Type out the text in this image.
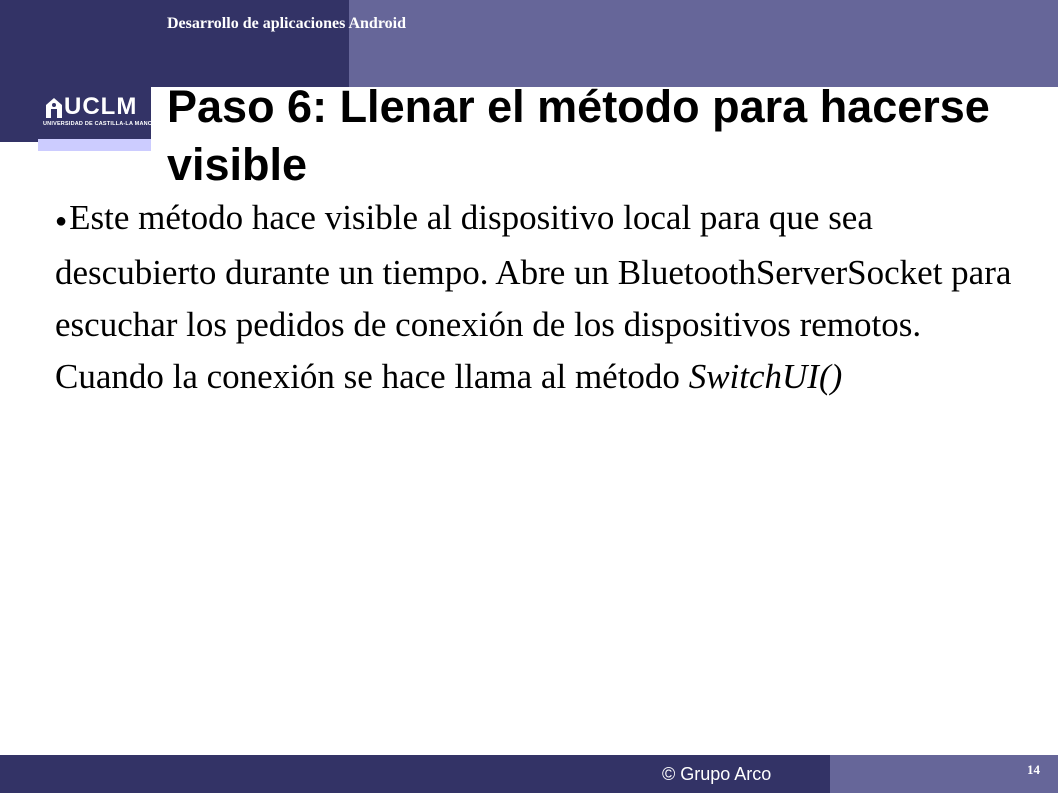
Desarrollo de aplicaciones Android
UCLM
UNIVERSIDAD DE CASTILLA-LA MANCHA Paso 6: Llenar el método para hacerse visible

●Este método hace visible al dispositivo local para que sea descubierto durante un tiempo. Abre un BluetoothServerSocket para escuchar los pedidos de conexión de los dispositivos remotos. Cuando la conexión se hace llama al método SwitchUI()

© Grupo Arco	14
